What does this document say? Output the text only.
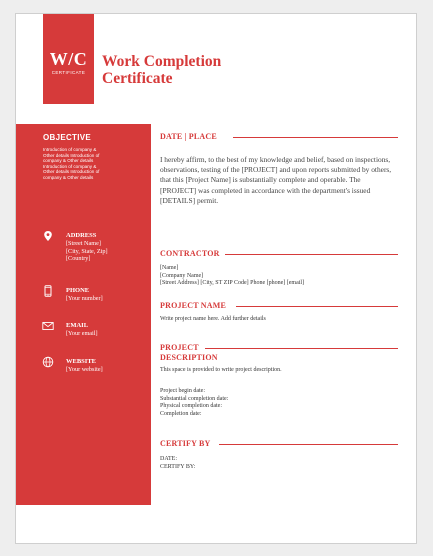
W/C
CERTIFICATE
Work Completion
Certificate
OBJECTIVE
Introduction of company &
Other details Introduction of
company & Other details
Introduction of company &
Other details Introduction of
company & Other details
ADDRESS
[Street Name]
[City, State, Zip]
[Country]
PHONE
[Your number]
EMAIL
[Your email]
WEBSITE
[Your website]
DATE | PLACE
I hereby affirm, to the best of my knowledge and belief, based on inspections, observations, testing of the [PROJECT] and upon reports submitted by others, that this [Project Name] is substantially complete and operable. The [PROJECT] was completed in accordance with the department's issued [DETAILS] permit.
CONTRACTOR
[Name]
[Company Name]
[Street Address] [City, ST ZIP Code] Phone [phone] [email]
PROJECT NAME
Write project name here. Add further details
PROJECT
DESCRIPTION
This space is provided to write project description.
Project begin date:
Substantial completion date:
Physical completion date:
Completion date:
CERTIFY BY
DATE:
CERTIFY BY:
